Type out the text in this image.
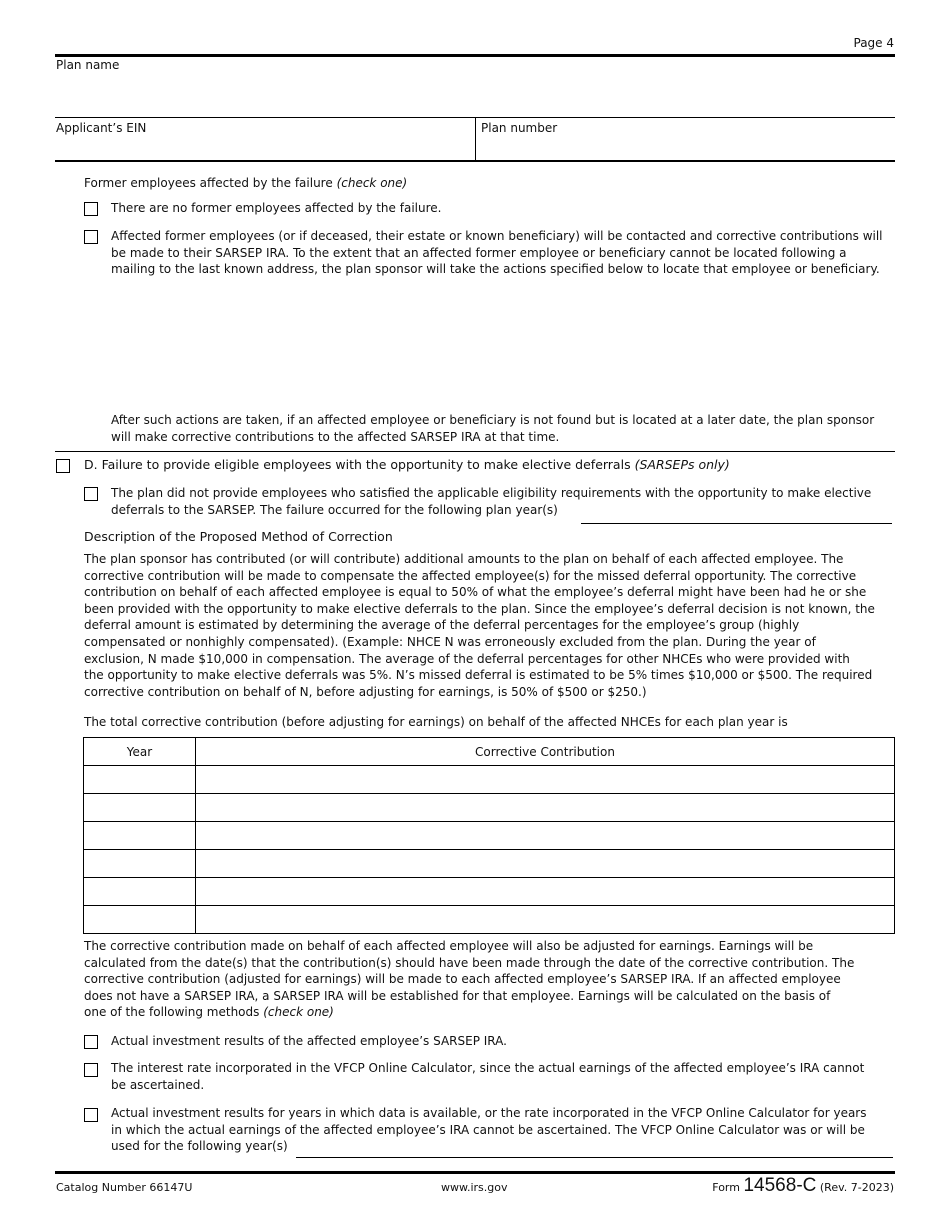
Page 4
Plan name
Applicant’s EIN	Plan number
Former employees affected by the failure (check one)
There are no former employees affected by the failure.
Affected former employees (or if deceased, their estate or known beneficiary) will be contacted and corrective contributions will
be made to their SARSEP IRA. To the extent that an affected former employee or beneficiary cannot be located following a
mailing to the last known address, the plan sponsor will take the actions specified below to locate that employee or beneficiary.
After such actions are taken, if an affected employee or beneficiary is not found but is located at a later date, the plan sponsor
will make corrective contributions to the affected SARSEP IRA at that time.
D. Failure to provide eligible employees with the opportunity to make elective deferrals (SARSEPs only)
The plan did not provide employees who satisfied the applicable eligibility requirements with the opportunity to make elective
deferrals to the SARSEP. The failure occurred for the following plan year(s)
Description of the Proposed Method of Correction

The plan sponsor has contributed (or will contribute) additional amounts to the plan on behalf of each affected employee. The

corrective contribution will be made to compensate the affected employee(s) for the missed deferral opportunity. The corrective

contribution on behalf of each affected employee is equal to 50% of what the employee’s deferral might have been had he or she

been provided with the opportunity to make elective deferrals to the plan. Since the employee’s deferral decision is not known, the

deferral amount is estimated by determining the average of the deferral percentages for the employee’s group (highly

compensated or nonhighly compensated). (Example: NHCE N was erroneously excluded from the plan. During the year of

exclusion, N made $10,000 in compensation. The average of the deferral percentages for other NHCEs who were provided with

the opportunity to make elective deferrals was 5%. N’s missed deferral is estimated to be 5% times $10,000 or $500. The required

corrective contribution on behalf of N, before adjusting for earnings, is 50% of $500 or $250.)

The total corrective contribution (before adjusting for earnings) on behalf of the affected NHCEs for each plan year is
Year	Corrective Contribution

The corrective contribution made on behalf of each affected employee will also be adjusted for earnings. Earnings will be

calculated from the date(s) that the contribution(s) should have been made through the date of the corrective contribution. The

corrective contribution (adjusted for earnings) will be made to each affected employee’s SARSEP IRA. If an affected employee

does not have a SARSEP IRA, a SARSEP IRA will be established for that employee. Earnings will be calculated on the basis of

one of the following methods (check one)

Actual investment results of the affected employee’s SARSEP IRA.
The interest rate incorporated in the VFCP Online Calculator, since the actual earnings of the affected employee’s IRA cannot
be ascertained.
Actual investment results for years in which data is available, or the rate incorporated in the VFCP Online Calculator for years
in which the actual earnings of the affected employee’s IRA cannot be ascertained. The VFCP Online Calculator was or will be
used for the following year(s)
Catalog Number 66147U	www.irs.gov	Form 14568-C (Rev. 7-2023)
